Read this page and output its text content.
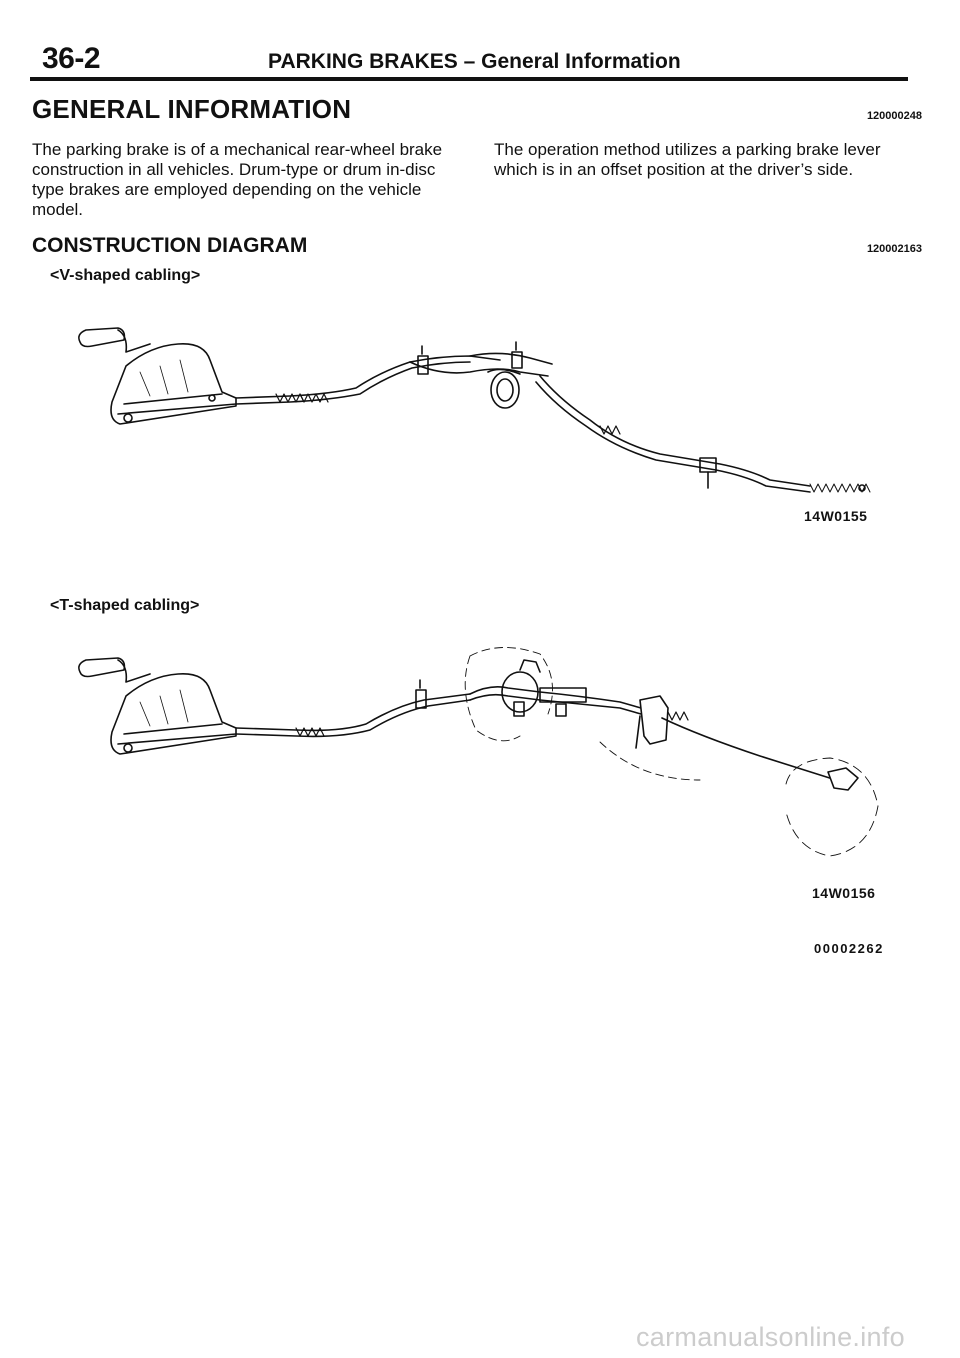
36-2	PARKING BRAKES – General Information
GENERAL INFORMATION	120000248
The parking brake is of a mechanical rear-wheel brake construction in all vehicles. Drum-type or drum in-disc type brakes are employed depending on the vehicle model.
The operation method utilizes a parking brake lever which is in an offset position at the driver’s side.
CONSTRUCTION DIAGRAM	120002163
<V-shaped cabling>
14W0155
<T-shaped cabling>
14W0156
00002262
carmanualsonline.info
